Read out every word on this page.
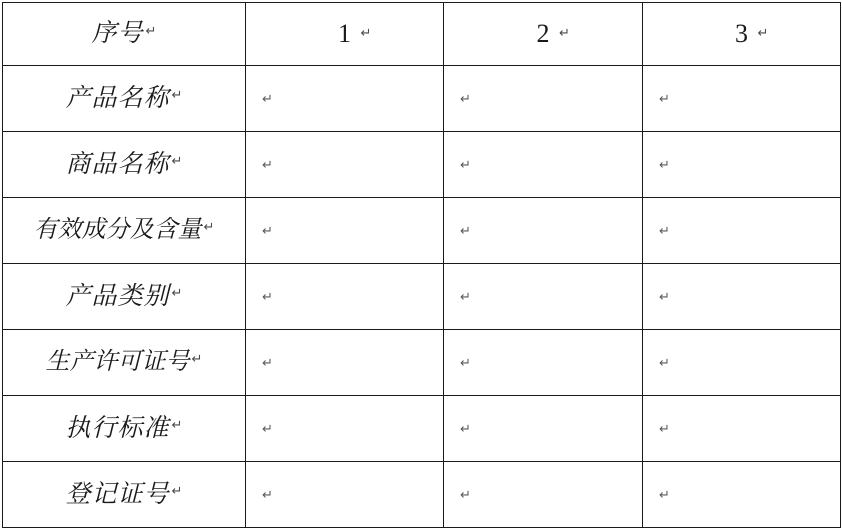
序号 ↵	1 ↵	2 ↵	3 ↵

产品名称 ↵	↵	↵	↵

商品名称 ↵	↵	↵	↵

有效成分及含量 ↵	↵	↵	↵

产品类别 ↵	↵	↵	↵

生产许可证号 ↵	↵	↵	↵

执行标准 ↵	↵	↵	↵

登记证号 ↵	↵	↵	↵
